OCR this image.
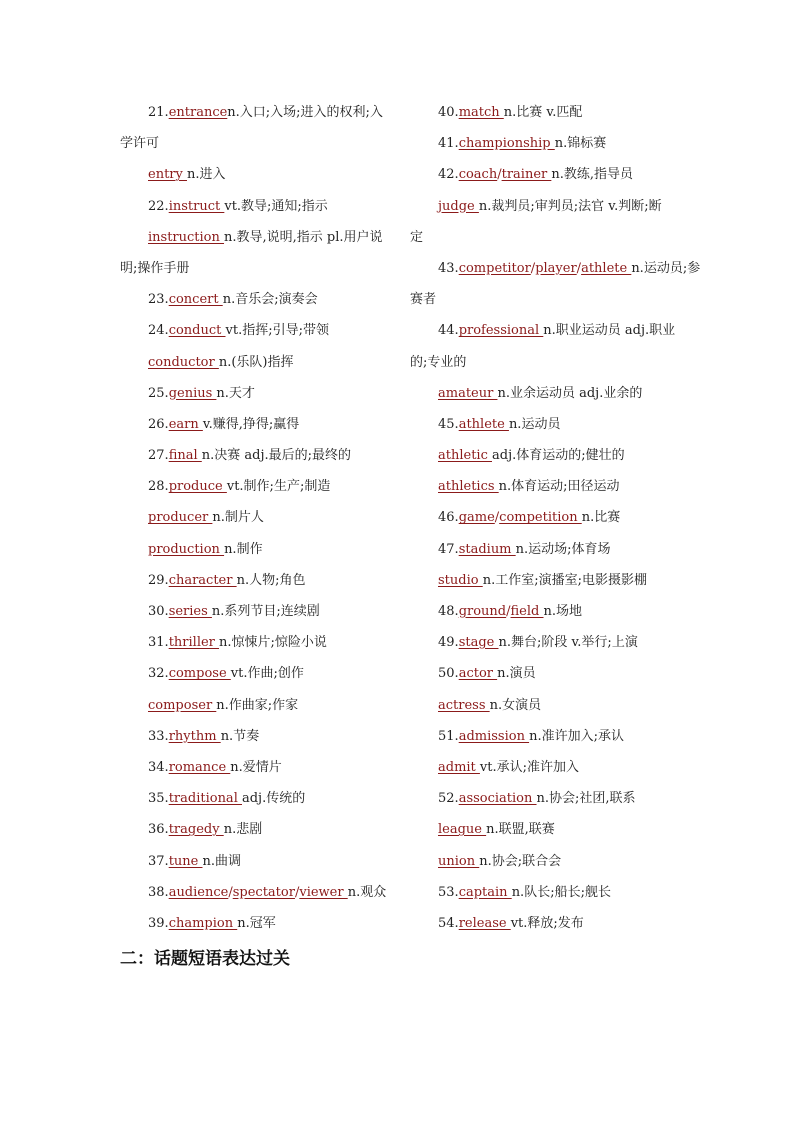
21.entrancen.入口;入场;进入的权利;入
学许可
entry n.进入
22.instruct vt.教导;通知;指示
instruction n.教导,说明,指示 pl.用户说
明;操作手册
23.concert n.音乐会;演奏会
24.conduct vt.指挥;引导;带领
conductor n.(乐队)指挥
25.genius n.天才
26.earn v.赚得,挣得;赢得
27.final n.决赛 adj.最后的;最终的
28.produce vt.制作;生产;制造
producer n.制片人
production n.制作
29.character n.人物;角色
30.series n.系列节目;连续剧
31.thriller n.惊悚片;惊险小说
32.compose vt.作曲;创作
composer n.作曲家;作家
33.rhythm n.节奏
34.romance n.爱情片
35.traditional adj.传统的
36.tragedy n.悲剧
37.tune n.曲调
38.audience/spectator/viewer n.观众
39.champion n.冠军
40.match n.比赛 v.匹配
41.championship n.锦标赛
42.coach/trainer n.教练,指导员
judge n.裁判员;审判员;法官 v.判断;断
定
43.competitor/player/athlete n.运动员;参
赛者
44.professional n.职业运动员 adj.职业
的;专业的
amateur n.业余运动员 adj.业余的
45.athlete n.运动员
athletic adj.体育运动的;健壮的
athletics n.体育运动;田径运动
46.game/competition n.比赛
47.stadium n.运动场;体育场
studio n.工作室;演播室;电影摄影棚
48.ground/field n.场地
49.stage n.舞台;阶段 v.举行;上演
50.actor n.演员
actress n.女演员
51.admission n.准许加入;承认
admit vt.承认;准许加入
52.association n.协会;社团,联系
league n.联盟,联赛
union n.协会;联合会
53.captain n.队长;船长;舰长
54.release vt.释放;发布
二：话题短语表达过关
